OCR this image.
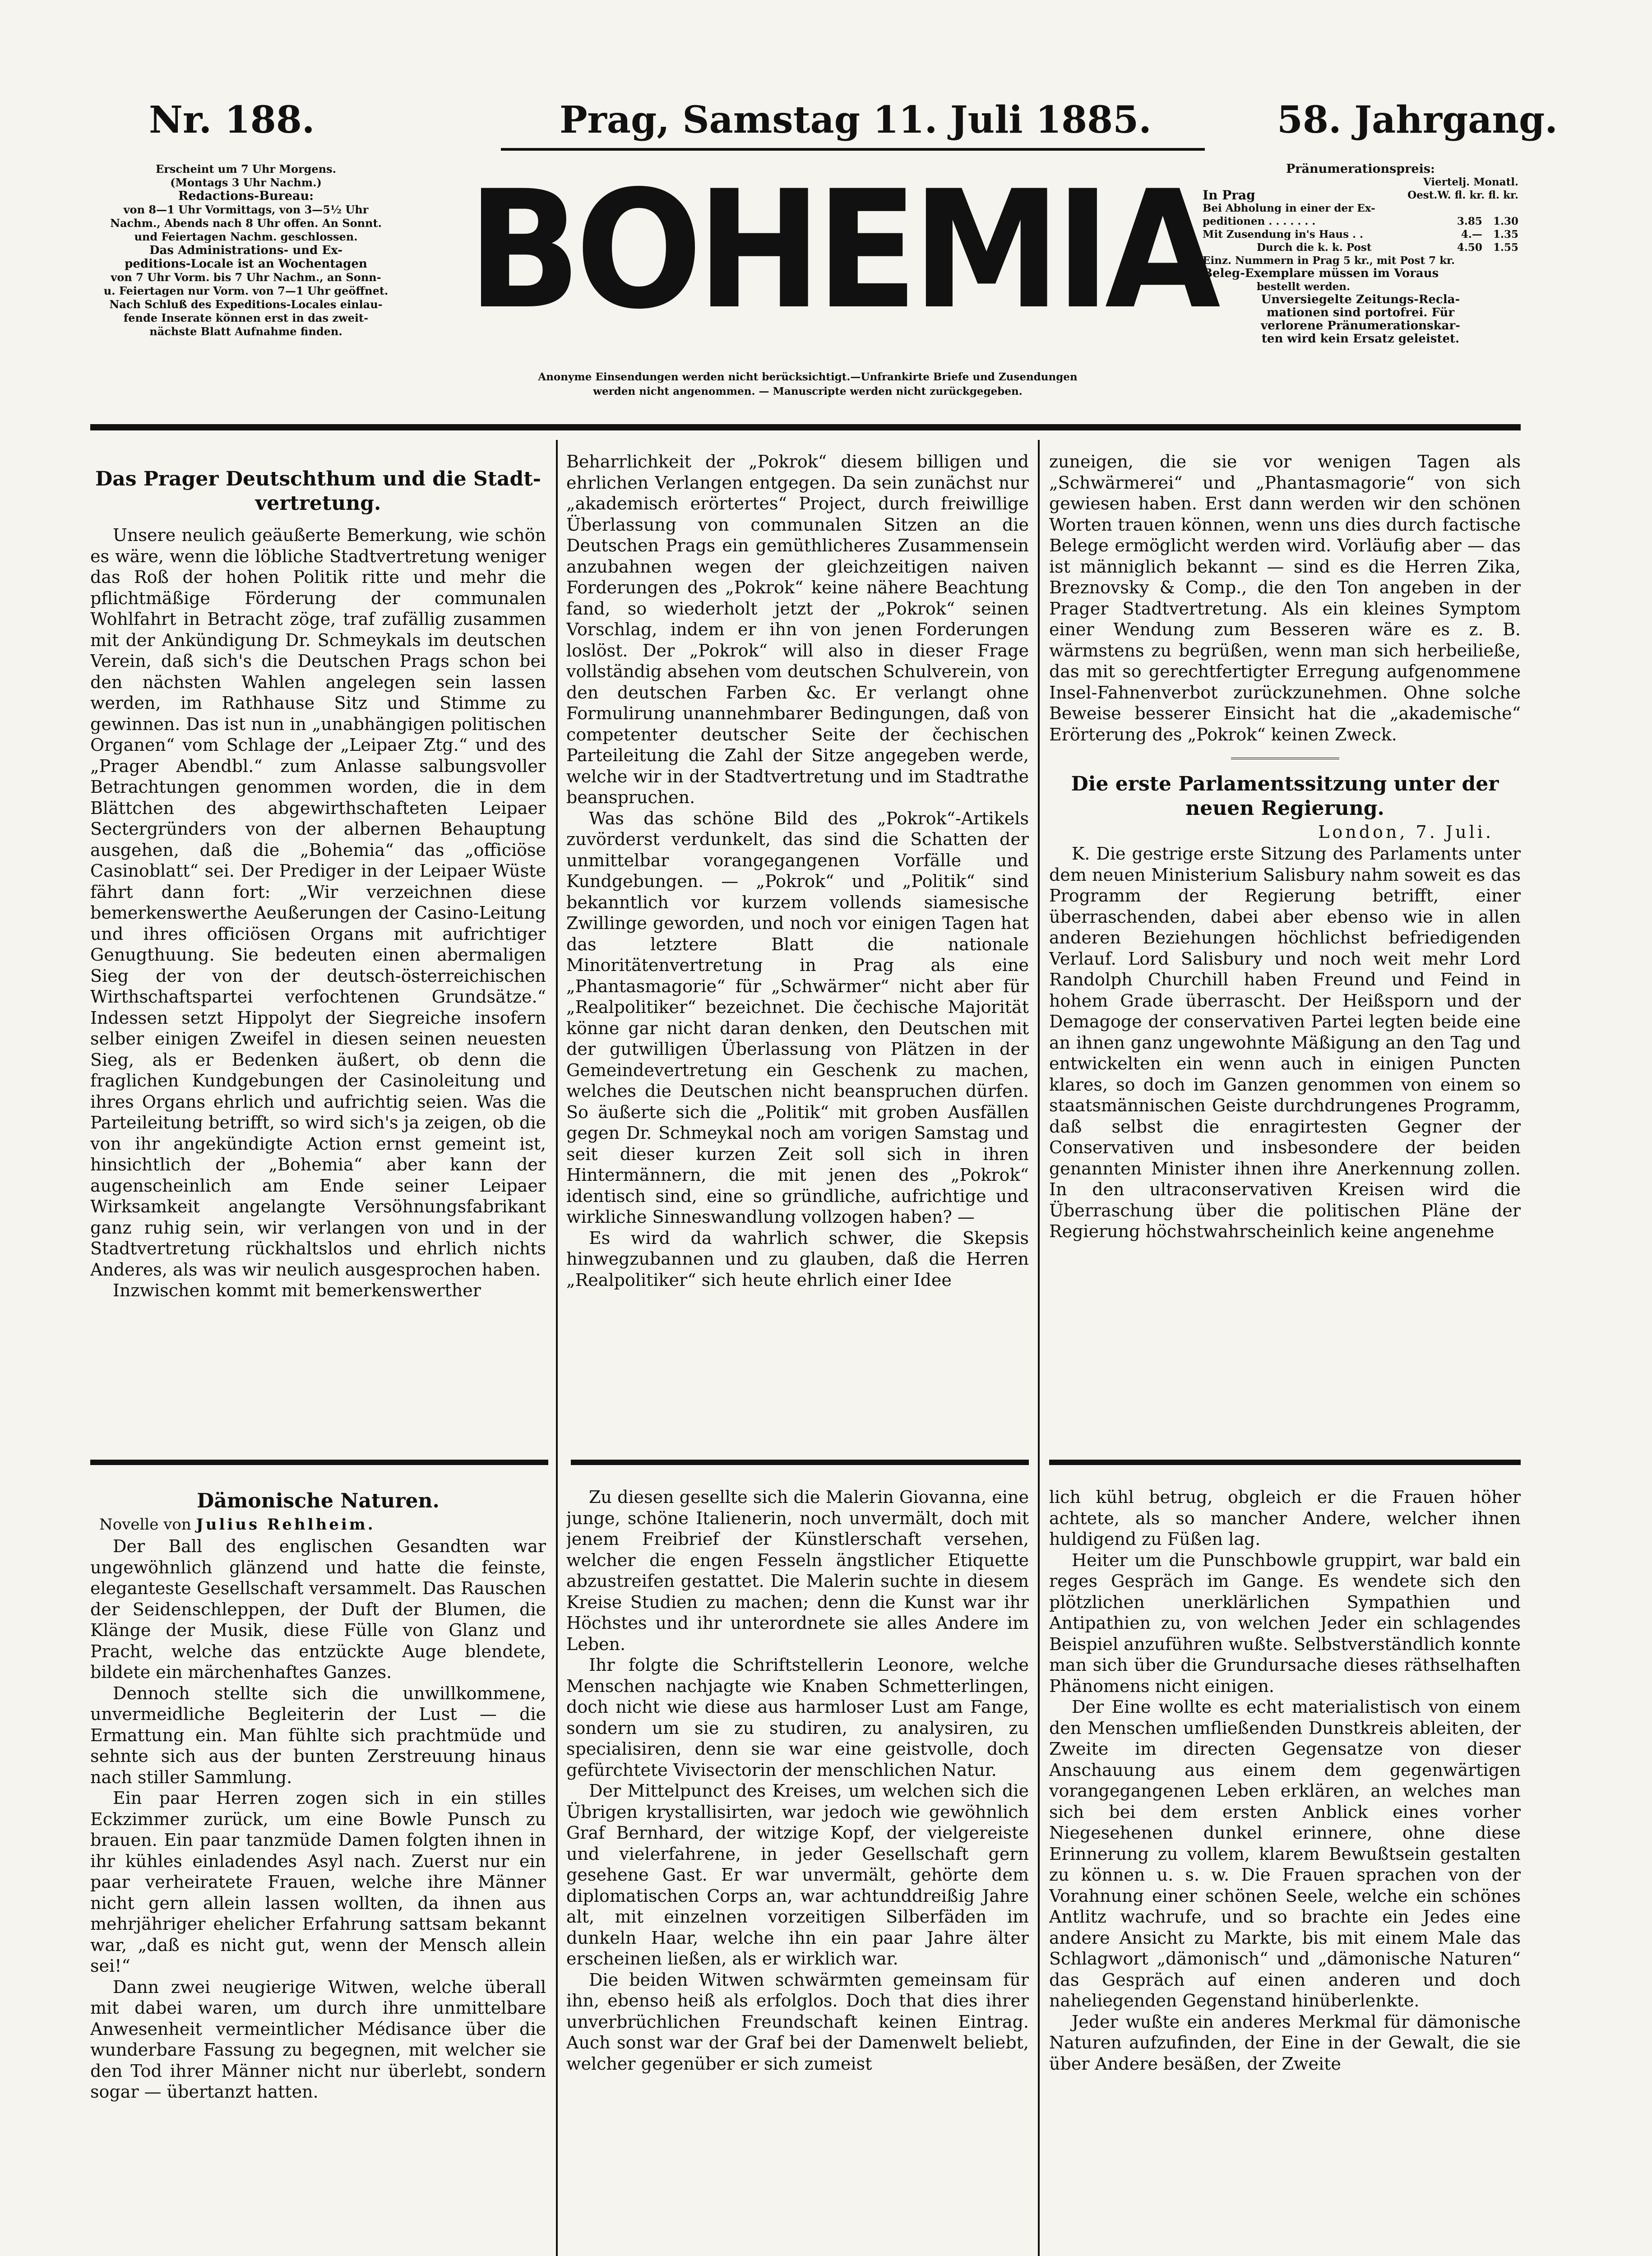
Nr. 188.	Prag, Samstag 11. Juli 1885.	58. Jahrgang.
BOHEMIA
Erscheint um 7 Uhr Morgens.
(Montags 3 Uhr Nachm.)
Redactions-Bureau:
von 8—1 Uhr Vormittags, von 3—5½ Uhr
Nachm., Abends nach 8 Uhr offen. An Sonnt.
und Feiertagen Nachm. geschlossen.
Das Administrations- und Ex-
peditions-Locale ist an Wochentagen
von 7 Uhr Vorm. bis 7 Uhr Nachm., an Sonn-
u. Feiertagen nur Vorm. von 7—1 Uhr geöffnet.
Nach Schluß des Expeditions-Locales einlau-
fende Inserate können erst in das zweit-
nächste Blatt Aufnahme finden.
Pränumerationspreis:
Viertelj. Monatl.
In Prag	Oest.W. fl. kr. fl. kr.
Bei Abholung in einer der Ex-
peditionen . . . . . . .	3.85 1.30
Mit Zusendung in's Haus . .	4.— 1.35
Durch die k. k. Post	4.50 1.55
Einz. Nummern in Prag 5 kr., mit Post 7 kr.
Beleg-Exemplare müssen im Voraus
bestellt werden.
Unversiegelte Zeitungs-Recla-
mationen sind portofrei. Für
verlorene Pränumerationskar-
ten wird kein Ersatz geleistet.
Anonyme Einsendungen werden nicht berücksichtigt.—Unfrankirte Briefe und Zusendungen
werden nicht angenommen. — Manuscripte werden nicht zurückgegeben.
Das Prager Deutschthum und die Stadt-
vertretung.

Unsere neulich geäußerte Bemerkung, wie schön es wäre, wenn die löbliche Stadtvertretung weniger das Roß der hohen Politik ritte und mehr die pflichtmäßige Förderung der communalen Wohlfahrt in Betracht zöge, traf zufällig zusammen mit der Ankündigung Dr. Schmeykals im deutschen Verein, daß sich's die Deutschen Prags schon bei den nächsten Wahlen angelegen sein lassen werden, im Rathhause Sitz und Stimme zu gewinnen. Das ist nun in „unabhängigen politischen Organen“ vom Schlage der „Leipaer Ztg.“ und des „Prager Abendbl.“ zum Anlasse salbungsvoller Betrachtungen genommen worden, die in dem Blättchen des abgewirthschafteten Leipaer Sectergründers von der albernen Behauptung ausgehen, daß die „Bohemia“ das „officiöse Casinoblatt“ sei. Der Prediger in der Leipaer Wüste fährt dann fort: „Wir verzeichnen diese bemerkenswerthe Aeußerungen der Casino-Leitung und ihres officiösen Organs mit aufrichtiger Genugthuung. Sie bedeuten einen abermaligen Sieg der von der deutsch-österreichischen Wirthschaftspartei verfochtenen Grundsätze.“ Indessen setzt Hippolyt der Siegreiche insofern selber einigen Zweifel in diesen seinen neuesten Sieg, als er Bedenken äußert, ob denn die fraglichen Kundgebungen der Casinoleitung und ihres Organs ehrlich und aufrichtig seien. Was die Parteileitung betrifft, so wird sich's ja zeigen, ob die von ihr angekündigte Action ernst gemeint ist, hinsichtlich der „Bohemia“ aber kann der augenscheinlich am Ende seiner Leipaer Wirksamkeit angelangte Versöhnungsfabrikant ganz ruhig sein, wir verlangen von und in der Stadtvertretung rückhaltslos und ehrlich nichts Anderes, als was wir neulich ausgesprochen haben.

Inzwischen kommt mit bemerkenswerther

Beharrlichkeit der „Pokrok“ diesem billigen und ehrlichen Verlangen entgegen. Da sein zunächst nur „akademisch erörtertes“ Project, durch freiwillige Überlassung von communalen Sitzen an die Deutschen Prags ein gemüthlicheres Zusammensein anzubahnen wegen der gleichzeitigen naiven Forderungen des „Pokrok“ keine nähere Beachtung fand, so wiederholt jetzt der „Pokrok“ seinen Vorschlag, indem er ihn von jenen Forderungen loslöst. Der „Pokrok“ will also in dieser Frage vollständig absehen vom deutschen Schulverein, von den deutschen Farben &c. Er verlangt ohne Formulirung unannehmbarer Bedingungen, daß von competenter deutscher Seite der čechischen Parteileitung die Zahl der Sitze angegeben werde, welche wir in der Stadtvertretung und im Stadtrathe beanspruchen.

Was das schöne Bild des „Pokrok“-Artikels zuvörderst verdunkelt, das sind die Schatten der unmittelbar vorangegangenen Vorfälle und Kundgebungen. — „Pokrok“ und „Politik“ sind bekanntlich vor kurzem vollends siamesische Zwillinge geworden, und noch vor einigen Tagen hat das letztere Blatt die nationale Minoritätenvertretung in Prag als eine „Phantasmagorie“ für „Schwärmer“ nicht aber für „Realpolitiker“ bezeichnet. Die čechische Majorität könne gar nicht daran denken, den Deutschen mit der gutwilligen Überlassung von Plätzen in der Gemeindevertretung ein Geschenk zu machen, welches die Deutschen nicht beanspruchen dürfen. So äußerte sich die „Politik“ mit groben Ausfällen gegen Dr. Schmeykal noch am vorigen Samstag und seit dieser kurzen Zeit soll sich in ihren Hintermännern, die mit jenen des „Pokrok“ identisch sind, eine so gründliche, aufrichtige und wirkliche Sinneswandlung vollzogen haben? —

Es wird da wahrlich schwer, die Skepsis hinwegzubannen und zu glauben, daß die Herren „Realpolitiker“ sich heute ehrlich einer Idee

zuneigen, die sie vor wenigen Tagen als „Schwärmerei“ und „Phantasmagorie“ von sich gewiesen haben. Erst dann werden wir den schönen Worten trauen können, wenn uns dies durch factische Belege ermöglicht werden wird. Vorläufig aber — das ist männiglich bekannt — sind es die Herren Zika, Breznovsky & Comp., die den Ton angeben in der Prager Stadtvertretung. Als ein kleines Symptom einer Wendung zum Besseren wäre es z. B. wärmstens zu begrüßen, wenn man sich herbeiließe, das mit so gerechtfertigter Erregung aufgenommene Insel-Fahnenverbot zurückzunehmen. Ohne solche Beweise besserer Einsicht hat die „akademische“ Erörterung des „Pokrok“ keinen Zweck.

Die erste Parlamentssitzung unter der
neuen Regierung.
London, 7. Juli.

K. Die gestrige erste Sitzung des Parlaments unter dem neuen Ministerium Salisbury nahm soweit es das Programm der Regierung betrifft, einer überraschenden, dabei aber ebenso wie in allen anderen Beziehungen höchlichst befriedigenden Verlauf. Lord Salisbury und noch weit mehr Lord Randolph Churchill haben Freund und Feind in hohem Grade überrascht. Der Heißsporn und der Demagoge der conservativen Partei legten beide eine an ihnen ganz ungewohnte Mäßigung an den Tag und entwickelten ein wenn auch in einigen Puncten klares, so doch im Ganzen genommen von einem so staatsmännischen Geiste durchdrungenes Programm, daß selbst die enragirtesten Gegner der Conservativen und insbesondere der beiden genannten Minister ihnen ihre Anerkennung zollen. In den ultraconservativen Kreisen wird die Überraschung über die politischen Pläne der Regierung höchstwahrscheinlich keine angenehme

Dämonische Naturen.
Novelle von Julius Rehlheim.

Der Ball des englischen Gesandten war ungewöhnlich glänzend und hatte die feinste, eleganteste Gesellschaft versammelt. Das Rauschen der Seidenschleppen, der Duft der Blumen, die Klänge der Musik, diese Fülle von Glanz und Pracht, welche das entzückte Auge blendete, bildete ein märchenhaftes Ganzes.

Dennoch stellte sich die unwillkommene, unvermeidliche Begleiterin der Lust — die Ermattung ein. Man fühlte sich prachtmüde und sehnte sich aus der bunten Zerstreuung hinaus nach stiller Sammlung.

Ein paar Herren zogen sich in ein stilles Eckzimmer zurück, um eine Bowle Punsch zu brauen. Ein paar tanzmüde Damen folgten ihnen in ihr kühles einladendes Asyl nach. Zuerst nur ein paar verheiratete Frauen, welche ihre Männer nicht gern allein lassen wollten, da ihnen aus mehrjähriger ehelicher Erfahrung sattsam bekannt war, „daß es nicht gut, wenn der Mensch allein sei!“

Dann zwei neugierige Witwen, welche überall mit dabei waren, um durch ihre unmittelbare Anwesenheit vermeintlicher Médisance über die wunderbare Fassung zu begegnen, mit welcher sie den Tod ihrer Männer nicht nur überlebt, sondern sogar — übertanzt hatten.

Zu diesen gesellte sich die Malerin Giovanna, eine junge, schöne Italienerin, noch unvermält, doch mit jenem Freibrief der Künstlerschaft versehen, welcher die engen Fesseln ängstlicher Etiquette abzustreifen gestattet. Die Malerin suchte in diesem Kreise Studien zu machen; denn die Kunst war ihr Höchstes und ihr unterordnete sie alles Andere im Leben.

Ihr folgte die Schriftstellerin Leonore, welche Menschen nachjagte wie Knaben Schmetterlingen, doch nicht wie diese aus harmloser Lust am Fange, sondern um sie zu studiren, zu analysiren, zu specialisiren, denn sie war eine geistvolle, doch gefürchtete Vivisectorin der menschlichen Natur.

Der Mittelpunct des Kreises, um welchen sich die Übrigen krystallisirten, war jedoch wie gewöhnlich Graf Bernhard, der witzige Kopf, der vielgereiste und vielerfahrene, in jeder Gesellschaft gern gesehene Gast. Er war unvermält, gehörte dem diplomatischen Corps an, war achtunddreißig Jahre alt, mit einzelnen vorzeitigen Silberfäden im dunkeln Haar, welche ihn ein paar Jahre älter erscheinen ließen, als er wirklich war.

Die beiden Witwen schwärmten gemeinsam für ihn, ebenso heiß als erfolglos. Doch that dies ihrer unverbrüchlichen Freundschaft keinen Eintrag. Auch sonst war der Graf bei der Damenwelt beliebt, welcher gegenüber er sich zumeist

lich kühl betrug, obgleich er die Frauen höher achtete, als so mancher Andere, welcher ihnen huldigend zu Füßen lag.

Heiter um die Punschbowle gruppirt, war bald ein reges Gespräch im Gange. Es wendete sich den plötzlichen unerklärlichen Sympathien und Antipathien zu, von welchen Jeder ein schlagendes Beispiel anzuführen wußte. Selbstverständlich konnte man sich über die Grundursache dieses räthselhaften Phänomens nicht einigen.

Der Eine wollte es echt materialistisch von einem den Menschen umfließenden Dunstkreis ableiten, der Zweite im directen Gegensatze von dieser Anschauung aus einem dem gegenwärtigen vorangegangenen Leben erklären, an welches man sich bei dem ersten Anblick eines vorher Niegesehenen dunkel erinnere, ohne diese Erinnerung zu vollem, klarem Bewußtsein gestalten zu können u. s. w. Die Frauen sprachen von der Vorahnung einer schönen Seele, welche ein schönes Antlitz wachrufe, und so brachte ein Jedes eine andere Ansicht zu Markte, bis mit einem Male das Schlagwort „dämonisch“ und „dämonische Naturen“ das Gespräch auf einen anderen und doch naheliegenden Gegenstand hinüberlenkte.

Jeder wußte ein anderes Merkmal für dämonische Naturen aufzufinden, der Eine in der Gewalt, die sie über Andere besäßen, der Zweite
